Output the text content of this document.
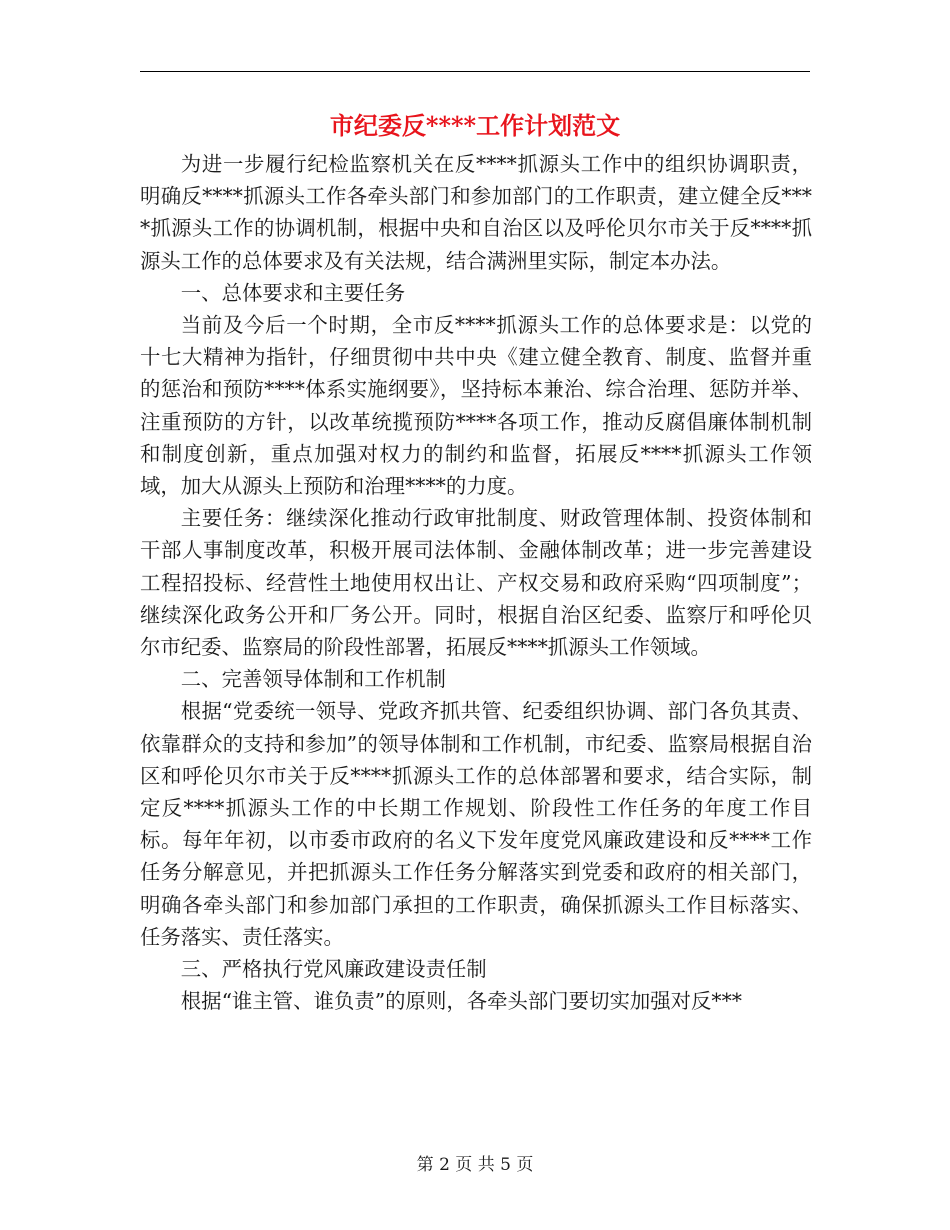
市纪委反****工作计划范文

为进一步履行纪检监察机关在反****抓源头工作中的组织协调职责，明确反****抓源头工作各牵头部门和参加部门的工作职责，建立健全反****抓源头工作的协调机制，根据中央和自治区以及呼伦贝尔市关于反****抓源头工作的总体要求及有关法规，结合满洲里实际，制定本办法。

一、总体要求和主要任务

当前及今后一个时期，全市反****抓源头工作的总体要求是：以党的十七大精神为指针，仔细贯彻中共中央《建立健全教育、制度、监督并重的惩治和预防****体系实施纲要》，坚持标本兼治、综合治理、惩防并举、注重预防的方针，以改革统揽预防****各项工作，推动反腐倡廉体制机制和制度创新，重点加强对权力的制约和监督，拓展反****抓源头工作领域，加大从源头上预防和治理****的力度。

主要任务：继续深化推动行政审批制度、财政管理体制、投资体制和干部人事制度改革，积极开展司法体制、金融体制改革；进一步完善建设工程招投标、经营性土地使用权出让、产权交易和政府采购“四项制度”；继续深化政务公开和厂务公开。同时，根据自治区纪委、监察厅和呼伦贝尔市纪委、监察局的阶段性部署，拓展反****抓源头工作领域。

二、完善领导体制和工作机制

根据“党委统一领导、党政齐抓共管、纪委组织协调、部门各负其责、依靠群众的支持和参加”的领导体制和工作机制，市纪委、监察局根据自治区和呼伦贝尔市关于反****抓源头工作的总体部署和要求，结合实际，制定反****抓源头工作的中长期工作规划、阶段性工作任务的年度工作目标。每年年初，以市委市政府的名义下发年度党风廉政建设和反****工作任务分解意见，并把抓源头工作任务分解落实到党委和政府的相关部门，明确各牵头部门和参加部门承担的工作职责，确保抓源头工作目标落实、任务落实、责任落实。

三、严格执行党风廉政建设责任制

根据“谁主管、谁负责”的原则，各牵头部门要切实加强对反***

第 2 页 共 5 页
